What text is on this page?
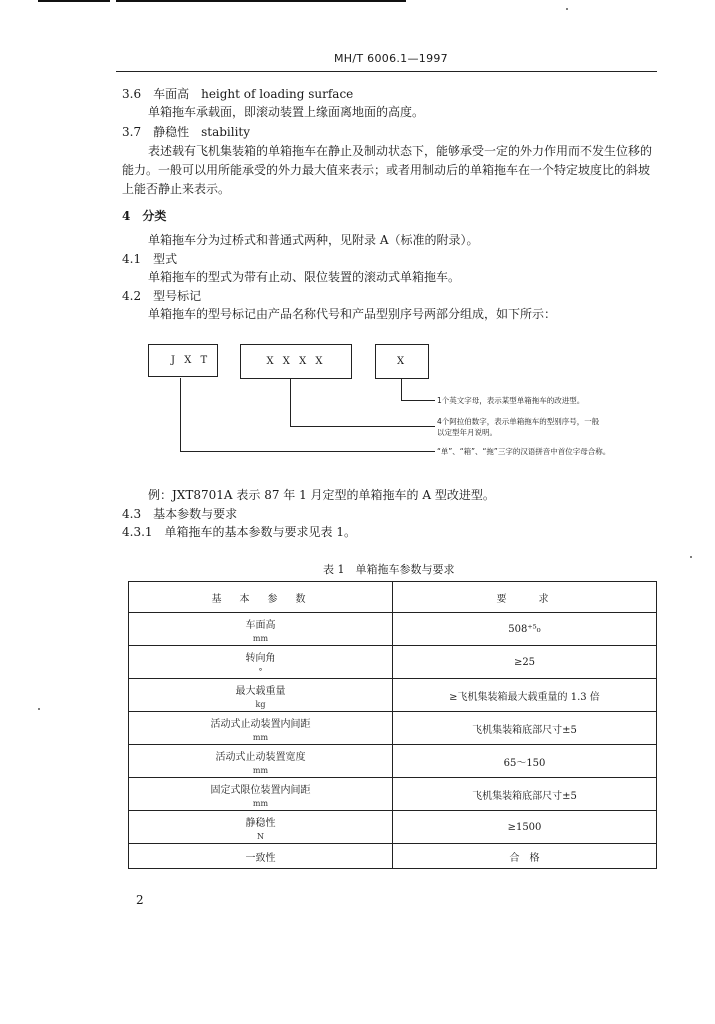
MH/T 6006.1—1997
3.6　车面高　height of loading surface
单箱拖车承载面，即滚动装置上缘面离地面的高度。
3.7　静稳性　stability
表述载有飞机集装箱的单箱拖车在静止及制动状态下，能够承受一定的外力作用而不发生位移的
能力。一般可以用所能承受的外力最大值来表示；或者用制动后的单箱拖车在一个特定坡度比的斜坡
上能否静止来表示。
4　分类
单箱拖车分为过桥式和普通式两种，见附录 A（标准的附录）。
4.1　型式
单箱拖车的型式为带有止动、限位装置的滚动式单箱拖车。
4.2　型号标记
单箱拖车的型号标记由产品名称代号和产品型别序号两部分组成，如下所示：
J X T	X X X X	X
1个英文字母，表示某型单箱拖车的改进型。
4个阿拉伯数字，表示单箱拖车的型别序号，一般
以定型年月说明。
“单”、“箱”、“拖”三字的汉语拼音中首位字母合称。
例：JXT8701A 表示 87 年 1 月定型的单箱拖车的 A 型改进型。
4.3　基本参数与要求
4.3.1　单箱拖车的基本参数与要求见表 1。
表 1　单箱拖车参数与要求
基　本　参　数	要　　求
车面高
mm	508⁺⁵₀
转向角
°	≥25
最大载重量
kg	≥飞机集装箱最大载重量的 1.3 倍
活动式止动装置内间距
mm	飞机集装箱底部尺寸±5
活动式止动装置宽度
mm	65～150
固定式限位装置内间距
mm	飞机集装箱底部尺寸±5
静稳性
N	≥1500
一致性	合　格
2
